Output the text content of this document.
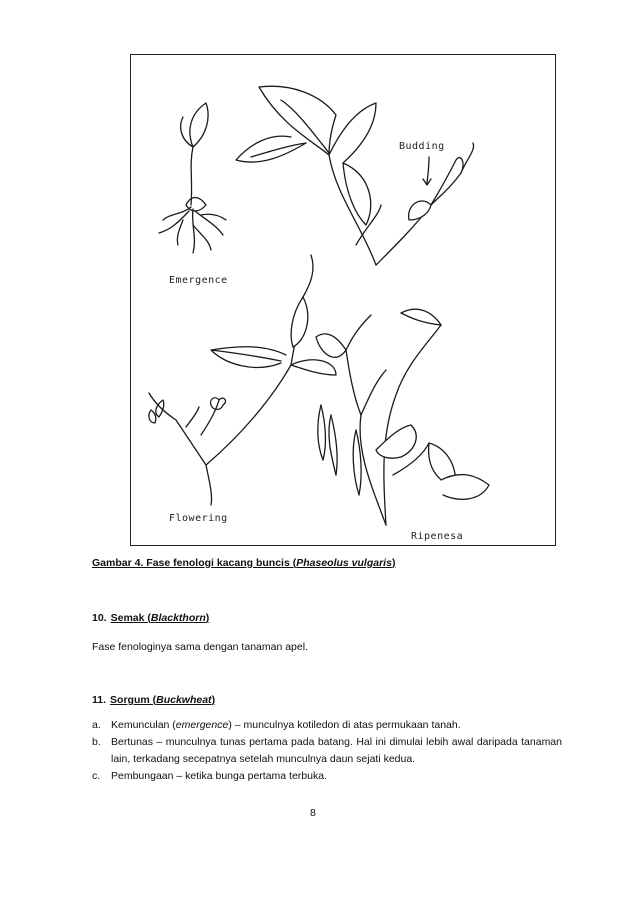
Emergence
Budding
Flowering
Ripenesa
Gambar 4. Fase fenologi kacang buncis (Phaseolus vulgaris)
10. Semak (Blackthorn)
Fase fenologinya sama dengan tanaman apel.
11. Sorgum (Buckwheat)
a. Kemunculan (emergence) – munculnya kotiledon di atas permukaan tanah.
b. Bertunas – munculnya tunas pertama pada batang. Hal ini dimulai lebih awal daripada tanaman lain, terkadang secepatnya setelah munculnya daun sejati kedua.
c.	Pembungaan – ketika bunga pertama terbuka.
8
